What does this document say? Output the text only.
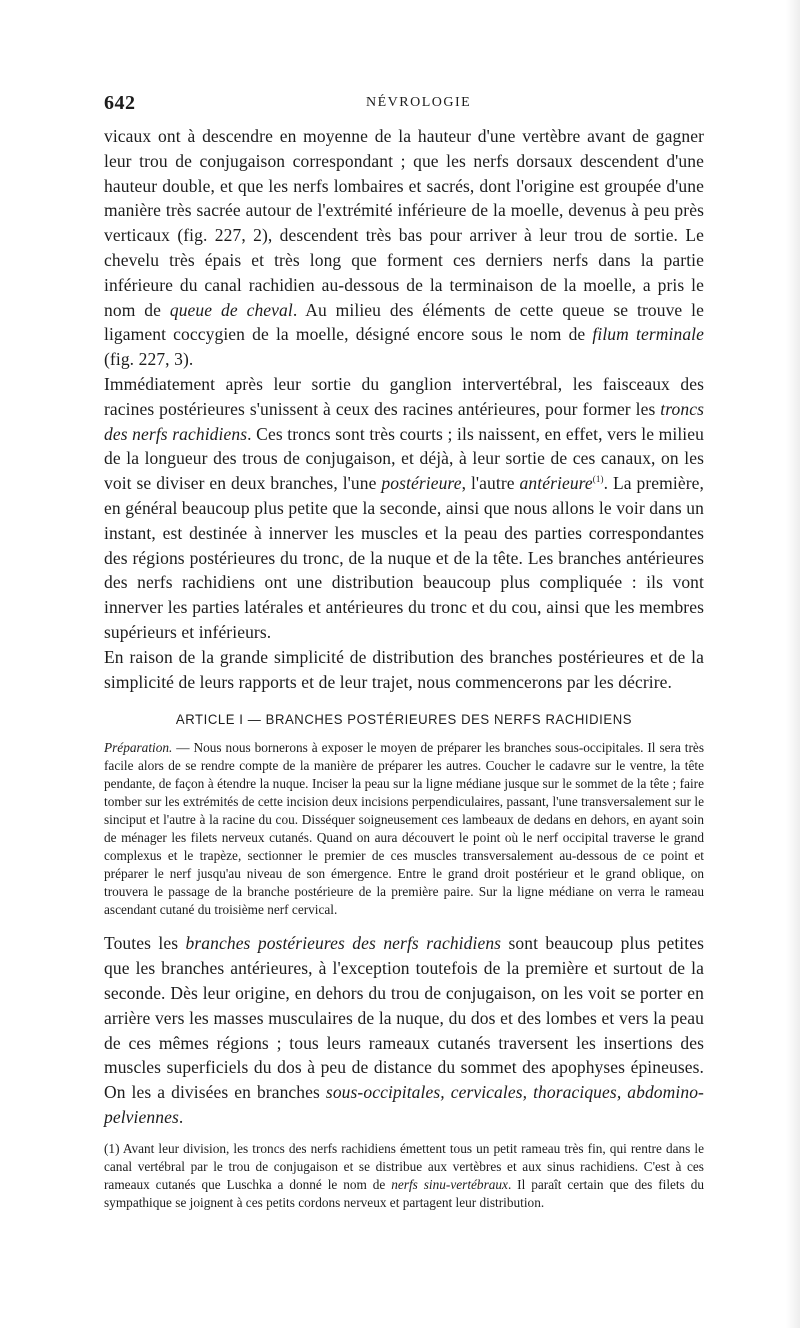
642	NÉVROLOGIE

vicaux ont à descendre en moyenne de la hauteur d'une vertèbre avant de gagner leur trou de conjugaison correspondant ; que les nerfs dorsaux descendent d'une hauteur double, et que les nerfs lombaires et sacrés, dont l'origine est groupée d'une manière très sacrée autour de l'extrémité inférieure de la moelle, devenus à peu près verticaux (fig. 227, 2), descendent très bas pour arriver à leur trou de sortie. Le chevelu très épais et très long que forment ces derniers nerfs dans la partie inférieure du canal rachidien au-dessous de la terminaison de la moelle, a pris le nom de queue de cheval. Au milieu des éléments de cette queue se trouve le ligament coccygien de la moelle, désigné encore sous le nom de filum terminale (fig. 227, 3).

Immédiatement après leur sortie du ganglion intervertébral, les faisceaux des racines postérieures s'unissent à ceux des racines antérieures, pour former les troncs des nerfs rachidiens. Ces troncs sont très courts ; ils naissent, en effet, vers le milieu de la longueur des trous de conjugaison, et déjà, à leur sortie de ces canaux, on les voit se diviser en deux branches, l'une postérieure, l'autre antérieure$^{(1)}$. La première, en général beaucoup plus petite que la seconde, ainsi que nous allons le voir dans un instant, est destinée à innerver les muscles et la peau des parties correspondantes des régions postérieures du tronc, de la nuque et de la tête. Les branches antérieures des nerfs rachidiens ont une distribution beaucoup plus compliquée : ils vont innerver les parties latérales et antérieures du tronc et du cou, ainsi que les membres supérieurs et inférieurs.

En raison de la grande simplicité de distribution des branches postérieures et de la simplicité de leurs rapports et de leur trajet, nous commencerons par les décrire.

ARTICLE I — BRANCHES POSTÉRIEURES DES NERFS RACHIDIENS

Préparation. — Nous nous bornerons à exposer le moyen de préparer les branches sous-occipitales. Il sera très facile alors de se rendre compte de la manière de préparer les autres. Coucher le cadavre sur le ventre, la tête pendante, de façon à étendre la nuque. Inciser la peau sur la ligne médiane jusque sur le sommet de la tête ; faire tomber sur les extrémités de cette incision deux incisions perpendiculaires, passant, l'une transversalement sur le sinciput et l'autre à la racine du cou. Disséquer soigneusement ces lambeaux de dedans en dehors, en ayant soin de ménager les filets nerveux cutanés. Quand on aura découvert le point où le nerf occipital traverse le grand complexus et le trapèze, sectionner le premier de ces muscles transversalement au-dessous de ce point et préparer le nerf jusqu'au niveau de son émergence. Entre le grand droit postérieur et le grand oblique, on trouvera le passage de la branche postérieure de la première paire. Sur la ligne médiane on verra le rameau ascendant cutané du troisième nerf cervical.

Toutes les branches postérieures des nerfs rachidiens sont beaucoup plus petites que les branches antérieures, à l'exception toutefois de la première et surtout de la seconde. Dès leur origine, en dehors du trou de conjugaison, on les voit se porter en arrière vers les masses musculaires de la nuque, du dos et des lombes et vers la peau de ces mêmes régions ; tous leurs rameaux cutanés traversent les insertions des muscles superficiels du dos à peu de distance du sommet des apophyses épineuses. On les a divisées en branches sous-occipitales, cervicales, thoraciques, abdomino-pelviennes.

(1) Avant leur division, les troncs des nerfs rachidiens émettent tous un petit rameau très fin, qui rentre dans le canal vertébral par le trou de conjugaison et se distribue aux vertèbres et aux sinus rachidiens. C'est à ces rameaux cutanés que Luschka a donné le nom de nerfs sinu-vertébraux. Il paraît certain que des filets du sympathique se joignent à ces petits cordons nerveux et partagent leur distribution.
